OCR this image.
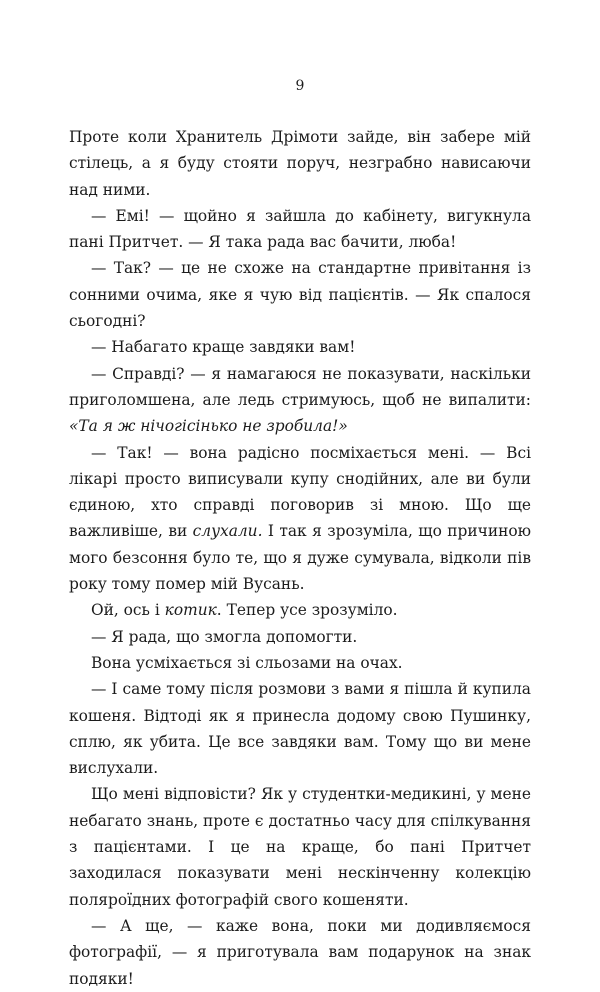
9

Проте коли Хранитель Дрімоти зайде, він забере мій стілець, а я буду стояти поруч, незграбно нависаючи над ними.

— Емі! — щойно я зайшла до кабінету, вигукнула пані Притчет. — Я така рада вас бачити, люба!

— Так? — це не схоже на стандартне привітання із сонними очима, яке я чую від пацієнтів. — Як спалося сьогодні?

— Набагато краще завдяки вам!

— Справді? — я намагаюся не показувати, наскільки приголомшена, але ледь стримуюсь, щоб не випалити: «Та я ж нічогісінько не зробила!»

— Так! — вона радісно посміхається мені. — Всі лікарі просто виписували купу снодійних, але ви були єдиною, хто справді поговорив зі мною. Що ще важливіше, ви слухали. І так я зрозуміла, що причиною мого безсоння було те, що я дуже сумувала, відколи пів року тому помер мій Вусань.

Ой, ось і котик. Тепер усе зрозуміло.

— Я рада, що змогла допомогти.

Вона усміхається зі сльозами на очах.

— І саме тому після розмови з вами я пішла й купила кошеня. Відтоді як я принесла додому свою Пушинку, сплю, як убита. Це все завдяки вам. Тому що ви мене вислухали.

Що мені відповісти? Як у студентки-медикині, у мене небагато знань, проте є достатньо часу для спілкування з пацієнтами. І це на краще, бо пані Притчет заходилася показувати мені нескінченну колекцію поляроїдних фотографій свого кошеняти.

— А ще, — каже вона, поки ми додивляємося фотографії, — я приготувала вам подарунок на знак подяки!
